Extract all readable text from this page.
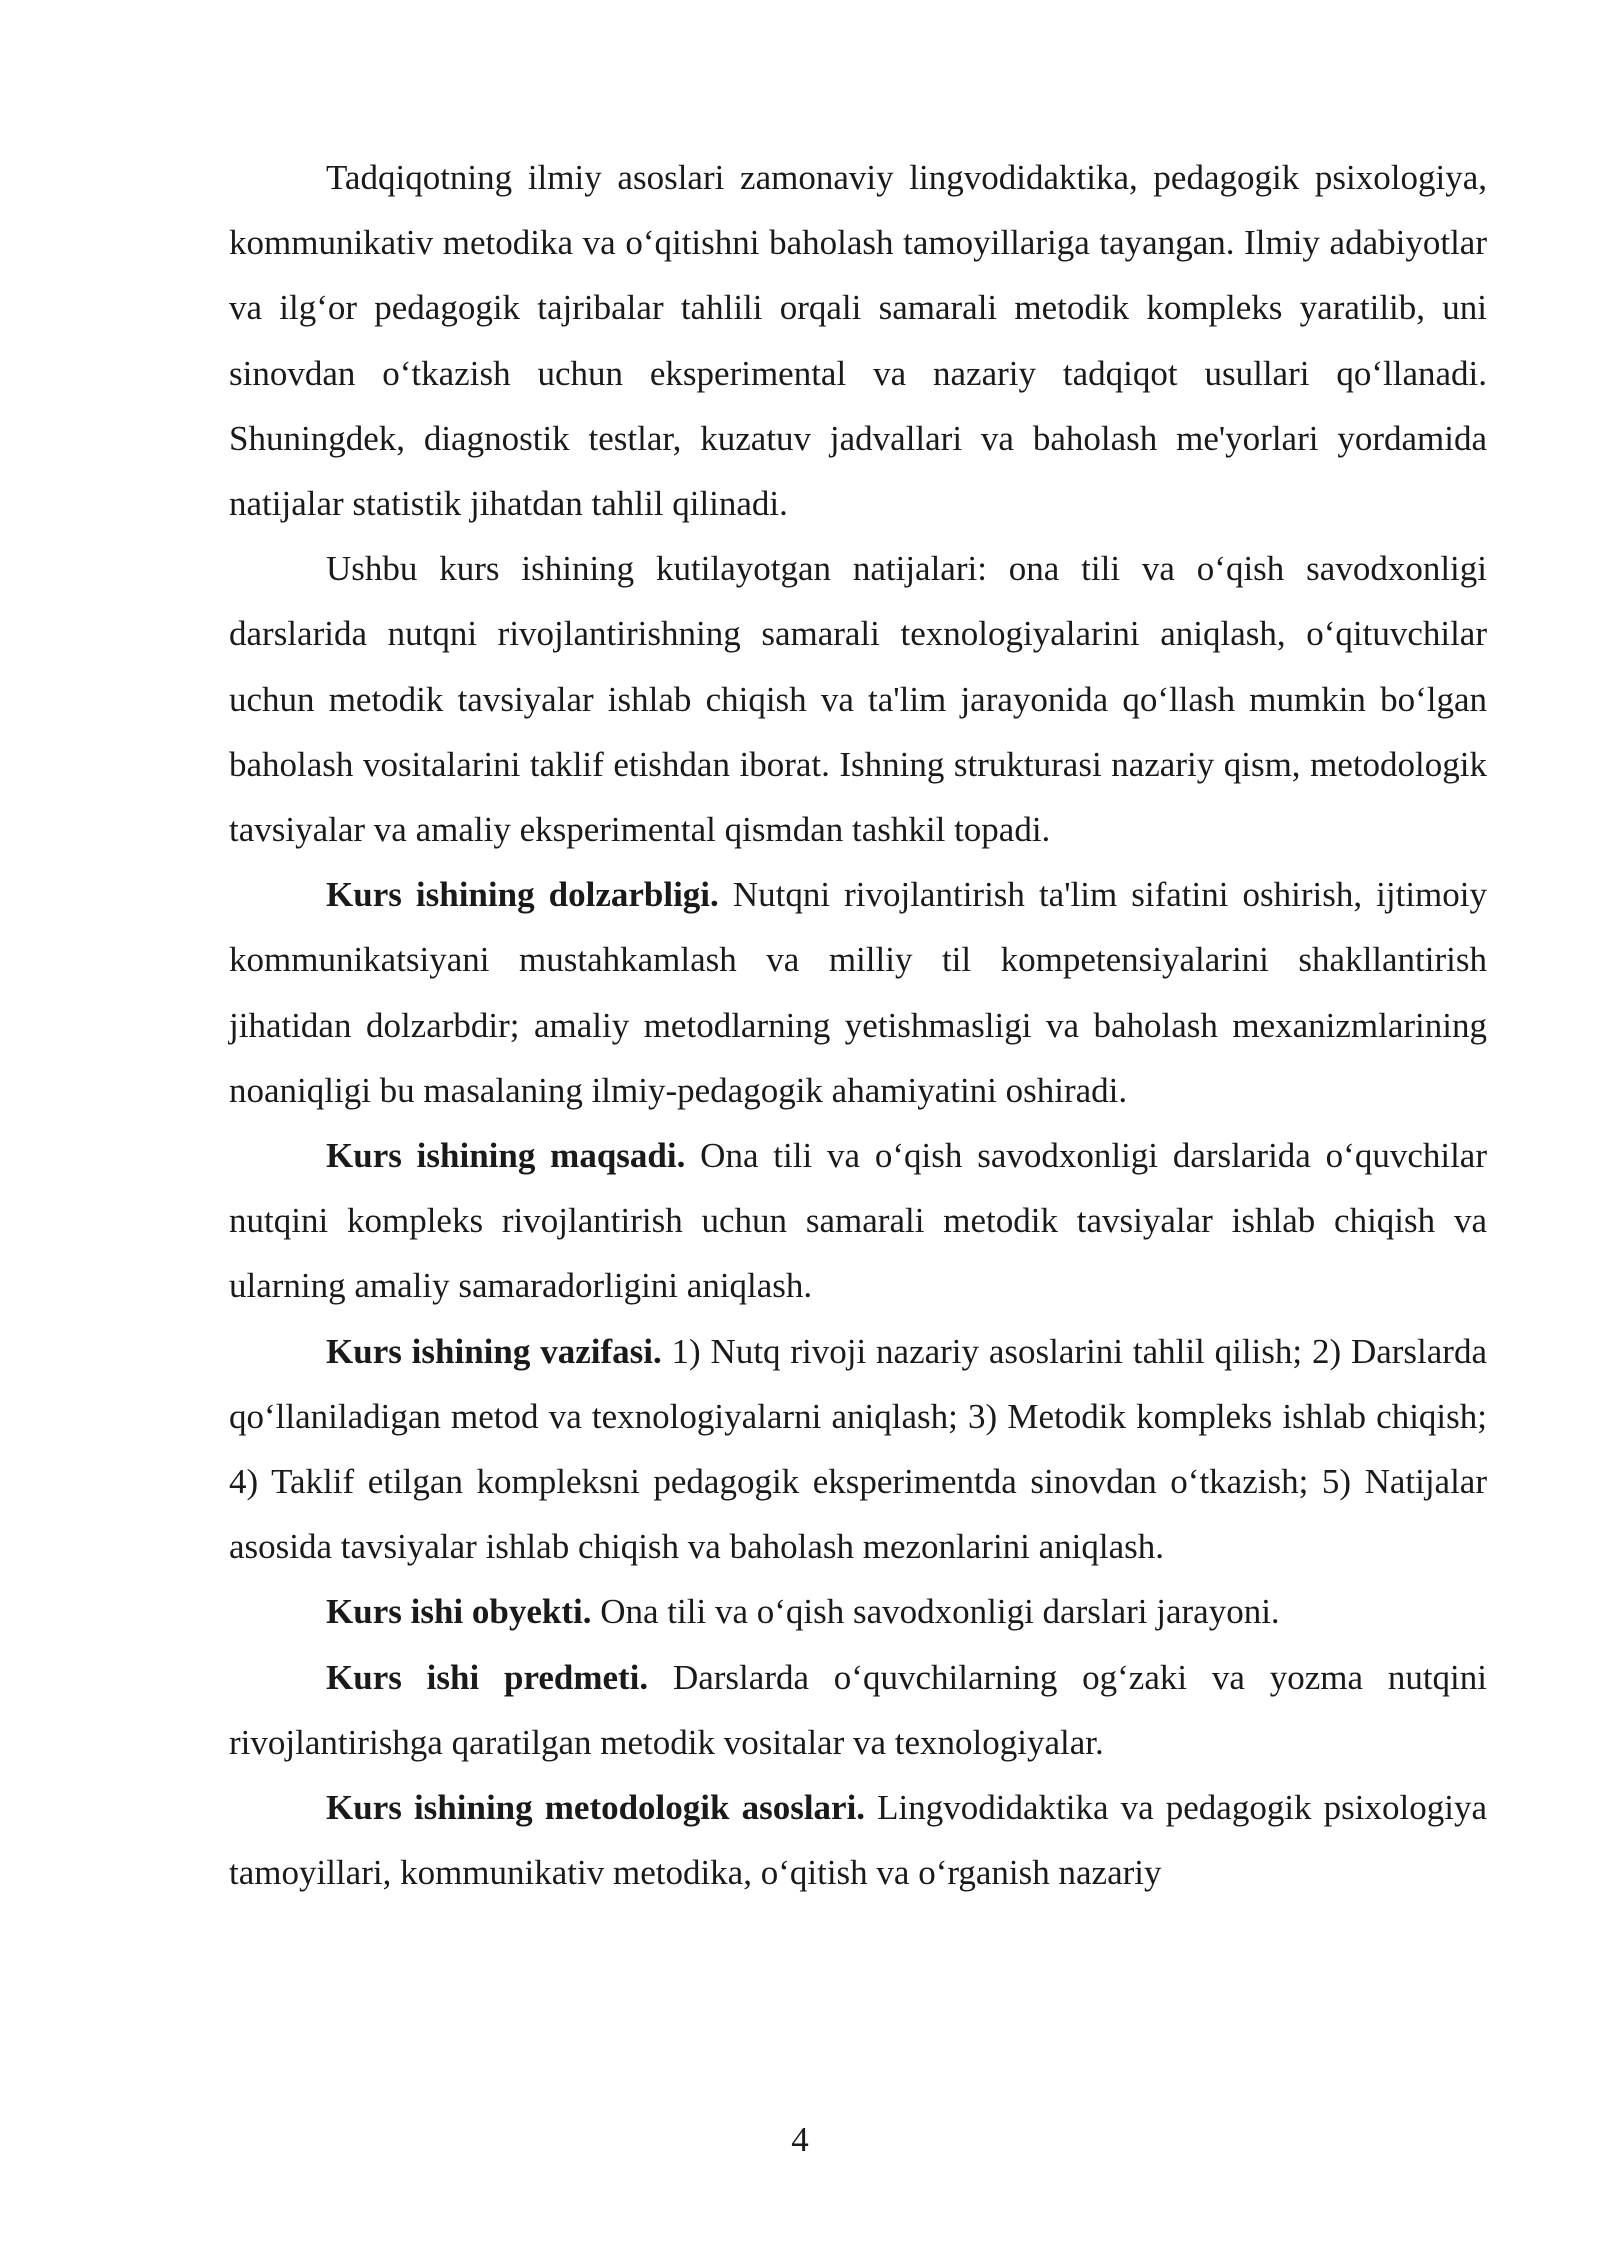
Tadqiqotning ilmiy asoslari zamonaviy lingvodidaktika, pedagogik psixologiya, kommunikativ metodika va o‘qitishni baholash tamoyillariga tayangan. Ilmiy adabiyotlar va ilg‘or pedagogik tajribalar tahlili orqali samarali metodik kompleks yaratilib, uni sinovdan o‘tkazish uchun eksperimental va nazariy tadqiqot usullari qo‘llanadi. Shuningdek, diagnostik testlar, kuzatuv jadvallari va baholash me'yorlari yordamida natijalar statistik jihatdan tahlil qilinadi.

Ushbu kurs ishining kutilayotgan natijalari: ona tili va o‘qish savodxonligi darslarida nutqni rivojlantirishning samarali texnologiyalarini aniqlash, o‘qituvchilar uchun metodik tavsiyalar ishlab chiqish va ta'lim jarayonida qo‘llash mumkin bo‘lgan baholash vositalarini taklif etishdan iborat. Ishning strukturasi nazariy qism, metodologik tavsiyalar va amaliy eksperimental qismdan tashkil topadi.

Kurs ishining dolzarbligi. Nutqni rivojlantirish ta'lim sifatini oshirish, ijtimoiy kommunikatsiyani mustahkamlash va milliy til kompetensiyalarini shakllantirish jihatidan dolzarbdir; amaliy metodlarning yetishmasligi va baholash mexanizmlarining noaniqligi bu masalaning ilmiy-pedagogik ahamiyatini oshiradi.

Kurs ishining maqsadi. Ona tili va o‘qish savodxonligi darslarida o‘quvchilar nutqini kompleks rivojlantirish uchun samarali metodik tavsiyalar ishlab chiqish va ularning amaliy samaradorligini aniqlash.

Kurs ishining vazifasi. 1) Nutq rivoji nazariy asoslarini tahlil qilish; 2) Darslarda qo‘llaniladigan metod va texnologiyalarni aniqlash; 3) Metodik kompleks ishlab chiqish; 4) Taklif etilgan kompleksni pedagogik eksperimentda sinovdan o‘tkazish; 5) Natijalar asosida tavsiyalar ishlab chiqish va baholash mezonlarini aniqlash.

Kurs ishi obyekti. Ona tili va o‘qish savodxonligi darslari jarayoni.

Kurs ishi predmeti. Darslarda o‘quvchilarning og‘zaki va yozma nutqini rivojlantirishga qaratilgan metodik vositalar va texnologiyalar.

Kurs ishining metodologik asoslari. Lingvodidaktika va pedagogik psixologiya tamoyillari, kommunikativ metodika, o‘qitish va o‘rganish nazariy

4
